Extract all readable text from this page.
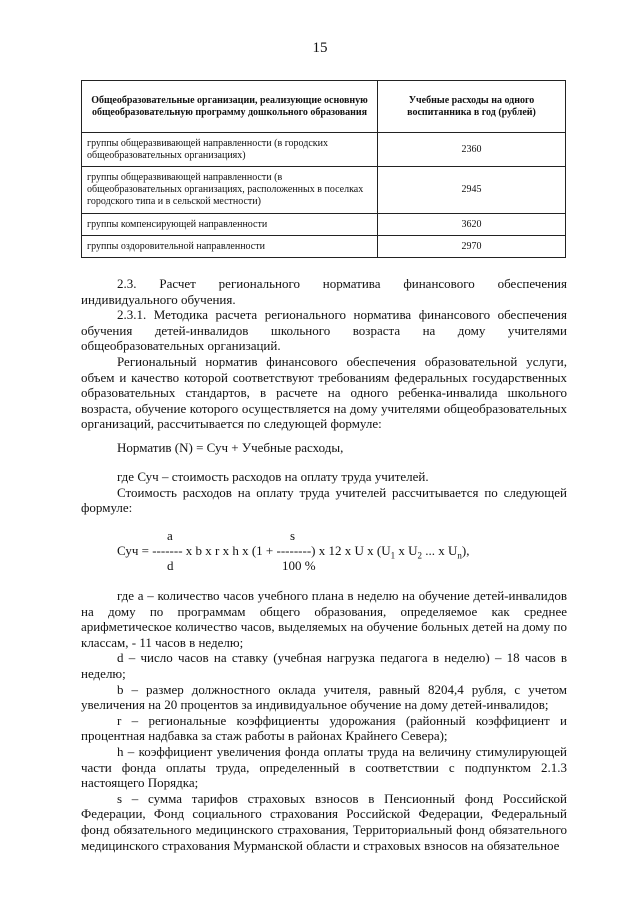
15
Общеобразовательные организации, реализующие основную общеобразовательную программу дошкольного образования	Учебные расходы на одного воспитанника в год (рублей)
группы общеразвивающей направленности (в городских общеобразовательных организациях)	2360
группы общеразвивающей направленности (в общеобразовательных организациях, расположенных в поселках городского типа и в сельской местности)	2945
группы компенсирующей направленности	3620
группы оздоровительной направленности	2970

2.3. Расчет регионального норматива финансового обеспечения индивидуального обучения.

2.3.1. Методика расчета регионального норматива финансового обеспечения обучения детей-инвалидов школьного возраста на дому учителями общеобразовательных организаций.

Региональный норматив финансового обеспечения образовательной услуги, объем и качество которой соответствуют требованиям федеральных государственных образовательных стандартов, в расчете на одного ребенка-инвалида школьного возраста, обучение которого осуществляется на дому учителями общеобразовательных организаций, рассчитывается по следующей формуле:

Норматив (N) = Суч + Учебные расходы,

где Суч – стоимость расходов на оплату труда учителей.

Стоимость расходов на оплату труда учителей рассчитывается по следующей формуле:

a	s
Суч = ------- х b х r х h х (1 + --------) х 12 х U х ($U_1$ х $U_2$ ... х $U_n$),
d	100 %

где a – количество часов учебного плана в неделю на обучение детей-инвалидов на дому по программам общего образования, определяемое как среднее арифметическое количество часов, выделяемых на обучение больных детей на дому по классам, - 11 часов в неделю;

d – число часов на ставку (учебная нагрузка педагога в неделю) – 18 часов в неделю;

b – размер должностного оклада учителя, равный 8204,4 рубля, с учетом увеличения на 20 процентов за индивидуальное обучение на дому детей-инвалидов;

r – региональные коэффициенты удорожания (районный коэффициент и процентная надбавка за стаж работы в районах Крайнего Севера);

h – коэффициент увеличения фонда оплаты труда на величину стимулирующей части фонда оплаты труда, определенный в соответствии с подпунктом 2.1.3 настоящего Порядка;

s – сумма тарифов страховых взносов в Пенсионный фонд Российской Федерации, Фонд социального страхования Российской Федерации, Федеральный фонд обязательного медицинского страхования, Территориальный фонд обязательного медицинского страхования Мурманской области и страховых взносов на обязательное
